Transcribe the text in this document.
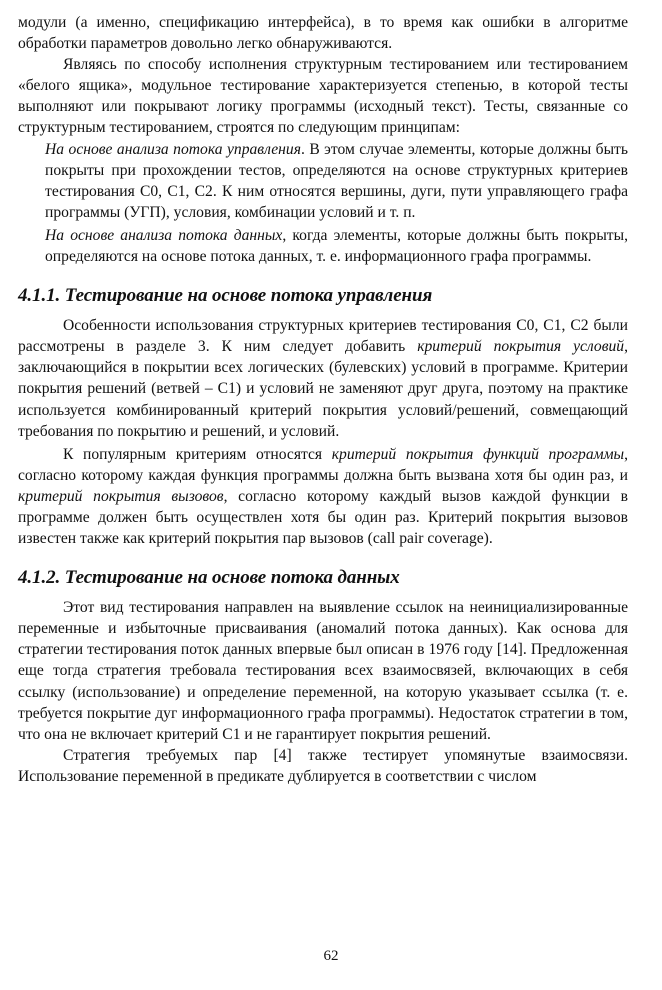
модули (а именно, спецификацию интерфейса), в то время как ошибки в алгоритме обработки параметров довольно легко обнаруживаются.

Являясь по способу исполнения структурным тестированием или тестированием «белого ящика», модульное тестирование характеризуется степенью, в которой тесты выполняют или покрывают логику программы (исходный текст). Тесты, связанные со структурным тестированием, строятся по следующим принципам:

На основе анализа потока управления. В этом случае элементы, которые должны быть покрыты при прохождении тестов, определяются на основе структурных критериев тестирования С0, С1, С2. К ним относятся вершины, дуги, пути управляющего графа программы (УГП), условия, комбинации условий и т. п.

На основе анализа потока данных, когда элементы, которые должны быть покрыты, определяются на основе потока данных, т. е. информационного графа программы.

4.1.1. Тестирование на основе потока управления

Особенности использования структурных критериев тестирования С0, С1, С2 были рассмотрены в разделе 3. К ним следует добавить критерий покрытия условий, заключающийся в покрытии всех логических (булевских) условий в программе. Критерии покрытия решений (ветвей – С1) и условий не заменяют друг друга, поэтому на практике используется комбинированный критерий покрытия условий/решений, совмещающий требования по покрытию и решений, и условий.

К популярным критериям относятся критерий покрытия функций программы, согласно которому каждая функция программы должна быть вызвана хотя бы один раз, и критерий покрытия вызовов, согласно которому каждый вызов каждой функции в программе должен быть осуществлен хотя бы один раз. Критерий покрытия вызовов известен также как критерий покрытия пар вызовов (call pair coverage).

4.1.2. Тестирование на основе потока данных

Этот вид тестирования направлен на выявление ссылок на неинициализированные переменные и избыточные присваивания (аномалий потока данных). Как основа для стратегии тестирования поток данных впервые был описан в 1976 году [14]. Предложенная еще тогда стратегия требовала тестирования всех взаимосвязей, включающих в себя ссылку (использование) и определение переменной, на которую указывает ссылка (т. е. требуется покрытие дуг информационного графа программы). Недостаток стратегии в том, что она не включает критерий С1 и не гарантирует покрытия решений.

Стратегия требуемых пар [4] также тестирует упомянутые взаимосвязи. Использование переменной в предикате дублируется в соответствии с числом

62
